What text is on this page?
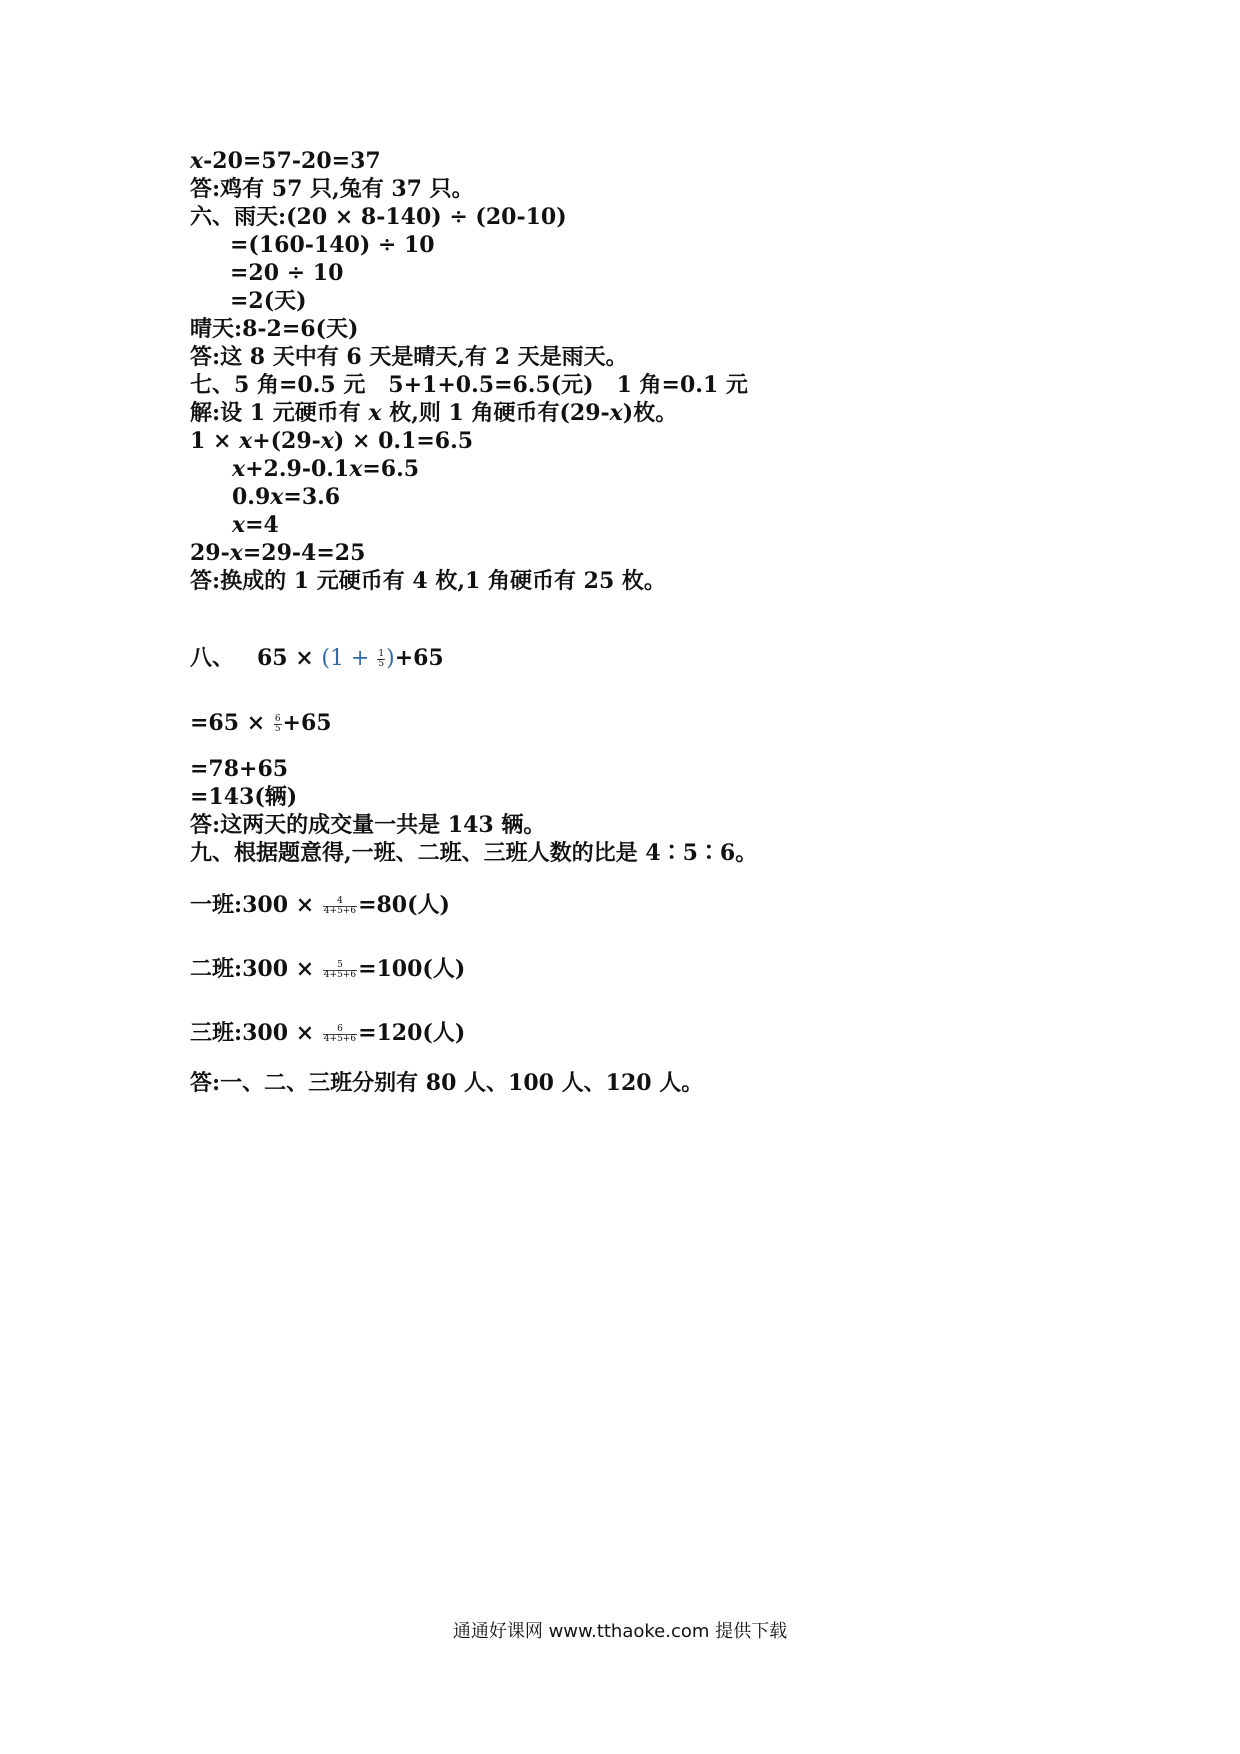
x-20=57-20=37
答:鸡有 57 只,兔有 37 只。
六、雨天:(20 × 8-140) ÷ (20-10)
=(160-140) ÷ 10
=20 ÷ 10
=2(天)
晴天:8-2=6(天)
答:这 8 天中有 6 天是晴天,有 2 天是雨天。
七、5 角=0.5 元   5+1+0.5=6.5(元)   1 角=0.1 元
解:设 1 元硬币有 x 枚,则 1 角硬币有(29-x)枚。
1 × x+(29-x) × 0.1=6.5
x+2.9-0.1x=6.5
0.9x=3.6
x=4
29-x=29-4=25
答:换成的 1 元硬币有 4 枚,1 角硬币有 25 枚。
八、   $65 \times (1 + \frac{1}{5} )+65$
$=65 \times \frac{6}{5} +65$
=78+65
=143(辆)
答:这两天的成交量一共是 143 辆。
九、根据题意得,一班、二班、三班人数的比是 4∶5∶6。
一班:300 × $\frac{4}{4+5+6} =80$(人)
二班:300 × $\frac{5}{4+5+6} =100$(人)
三班:300 × $\frac{6}{4+5+6} =120$(人)
答:一、二、三班分别有 80 人、100 人、120 人。
通通好课网 www.tthaoke.com 提供下载
